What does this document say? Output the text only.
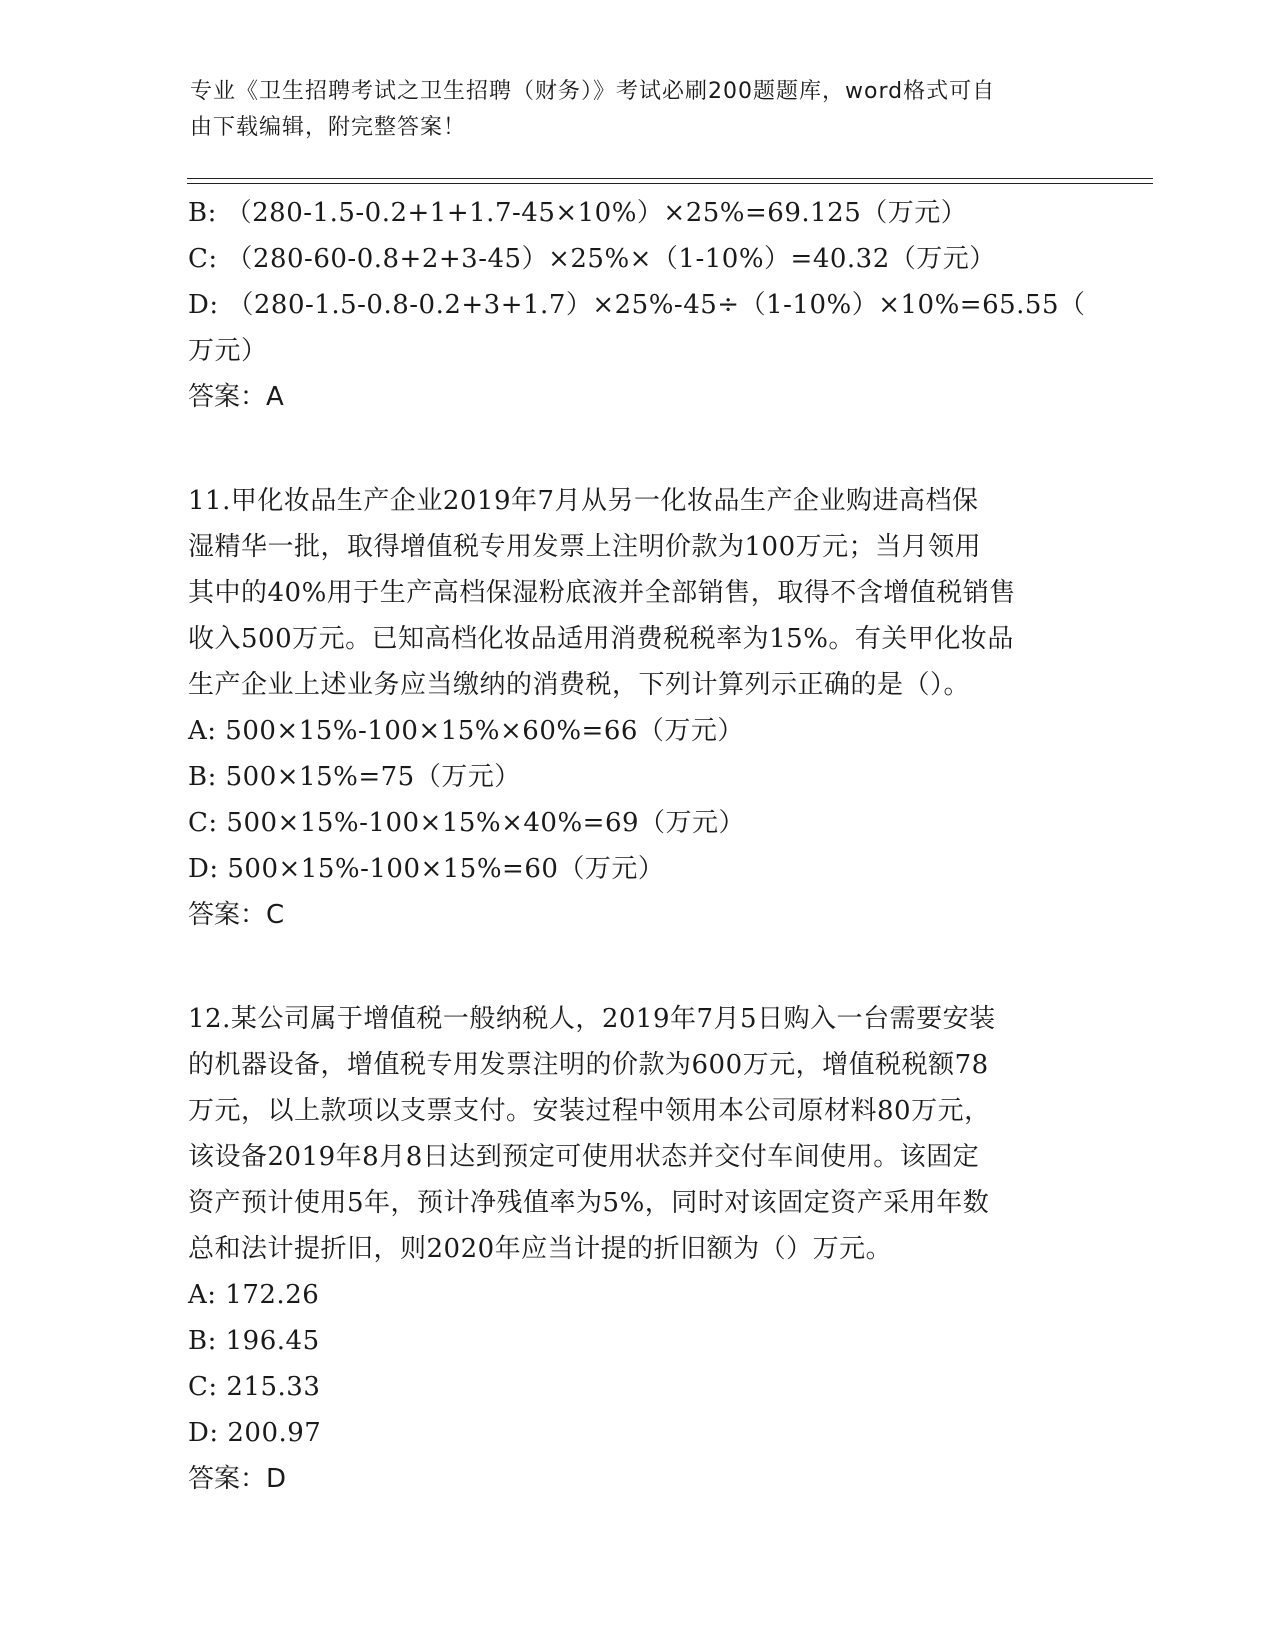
专业《卫生招聘考试之卫生招聘（财务）》考试必刷200题题库，word格式可自
由下载编辑，附完整答案！
B: （280-1.5-0.2+1+1.7-45×10%）×25%=69.125（万元）
C: （280-60-0.8+2+3-45）×25%×（1-10%）=40.32（万元）
D: （280-1.5-0.8-0.2+3+1.7）×25%-45÷（1-10%）×10%=65.55（
万元）
答案：A
11.甲化妆品生产企业2019年7月从另一化妆品生产企业购进高档保
湿精华一批，取得增值税专用发票上注明价款为100万元；当月领用
其中的40%用于生产高档保湿粉底液并全部销售，取得不含增值税销售
收入500万元。已知高档化妆品适用消费税税率为15%。有关甲化妆品
生产企业上述业务应当缴纳的消费税，下列计算列示正确的是（）。
A: 500×15%-100×15%×60%=66（万元）
B: 500×15%=75（万元）
C: 500×15%-100×15%×40%=69（万元）
D: 500×15%-100×15%=60（万元）
答案：C
12.某公司属于增值税一般纳税人，2019年7月5日购入一台需要安装
的机器设备，增值税专用发票注明的价款为600万元，增值税税额78
万元，以上款项以支票支付。安装过程中领用本公司原材料80万元，
该设备2019年8月8日达到预定可使用状态并交付车间使用。该固定
资产预计使用5年，预计净残值率为5%，同时对该固定资产采用年数
总和法计提折旧，则2020年应当计提的折旧额为（）万元。
A: 172.26
B: 196.45
C: 215.33
D: 200.97
答案：D
